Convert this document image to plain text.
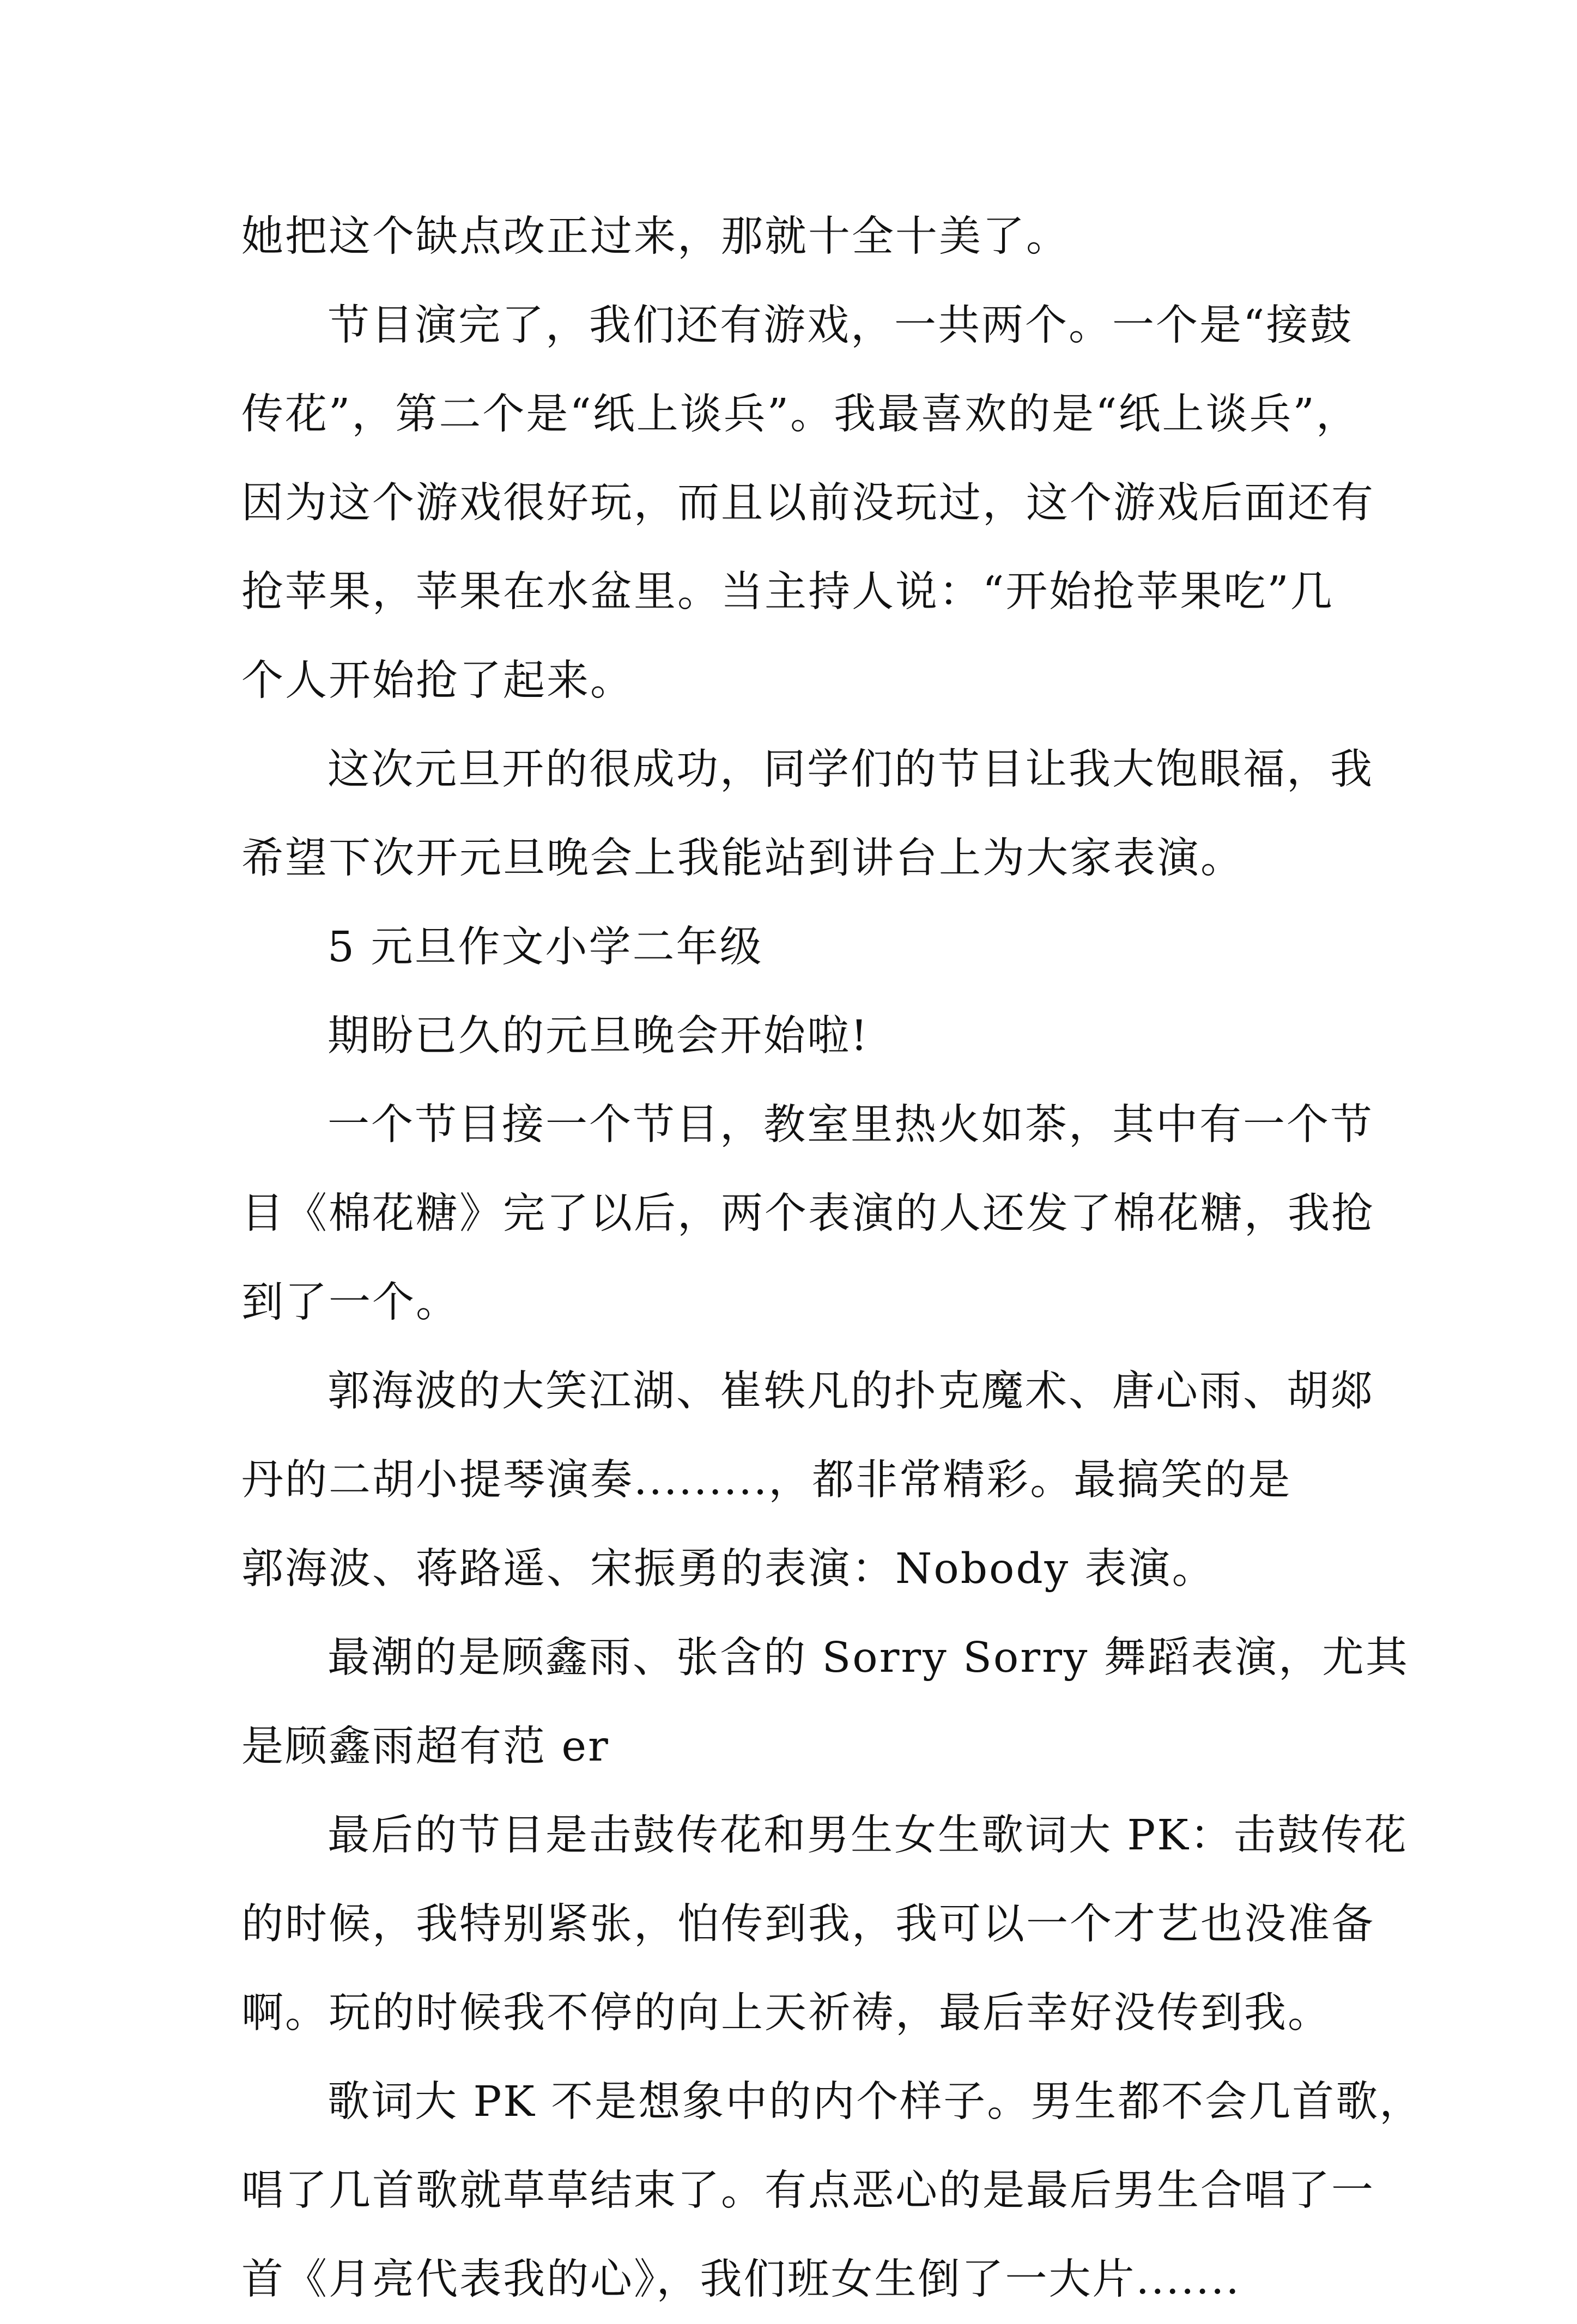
她把这个缺点改正过来，那就十全十美了。
节目演完了，我们还有游戏，一共两个。一个是“接鼓
传花”，第二个是“纸上谈兵”。我最喜欢的是“纸上谈兵”，
因为这个游戏很好玩，而且以前没玩过，这个游戏后面还有
抢苹果，苹果在水盆里。当主持人说：“开始抢苹果吃”几
个人开始抢了起来。
这次元旦开的很成功，同学们的节目让我大饱眼福，我
希望下次开元旦晚会上我能站到讲台上为大家表演。
5 元旦作文小学二年级
期盼已久的元旦晚会开始啦!
一个节目接一个节目，教室里热火如茶，其中有一个节
目《棉花糖》完了以后，两个表演的人还发了棉花糖，我抢
到了一个。
郭海波的大笑江湖、崔轶凡的扑克魔术、唐心雨、胡郯
丹的二胡小提琴演奏.........，都非常精彩。最搞笑的是
郭海波、蒋路遥、宋振勇的表演：Nobody 表演。
最潮的是顾鑫雨、张含的 Sorry Sorry 舞蹈表演，尤其
是顾鑫雨超有范 er
最后的节目是击鼓传花和男生女生歌词大 PK：击鼓传花
的时候，我特别紧张，怕传到我，我可以一个才艺也没准备
啊。玩的时候我不停的向上天祈祷，最后幸好没传到我。
歌词大 PK 不是想象中的内个样子。男生都不会几首歌，
唱了几首歌就草草结束了。有点恶心的是最后男生合唱了一
首《月亮代表我的心》，我们班女生倒了一大片.......
